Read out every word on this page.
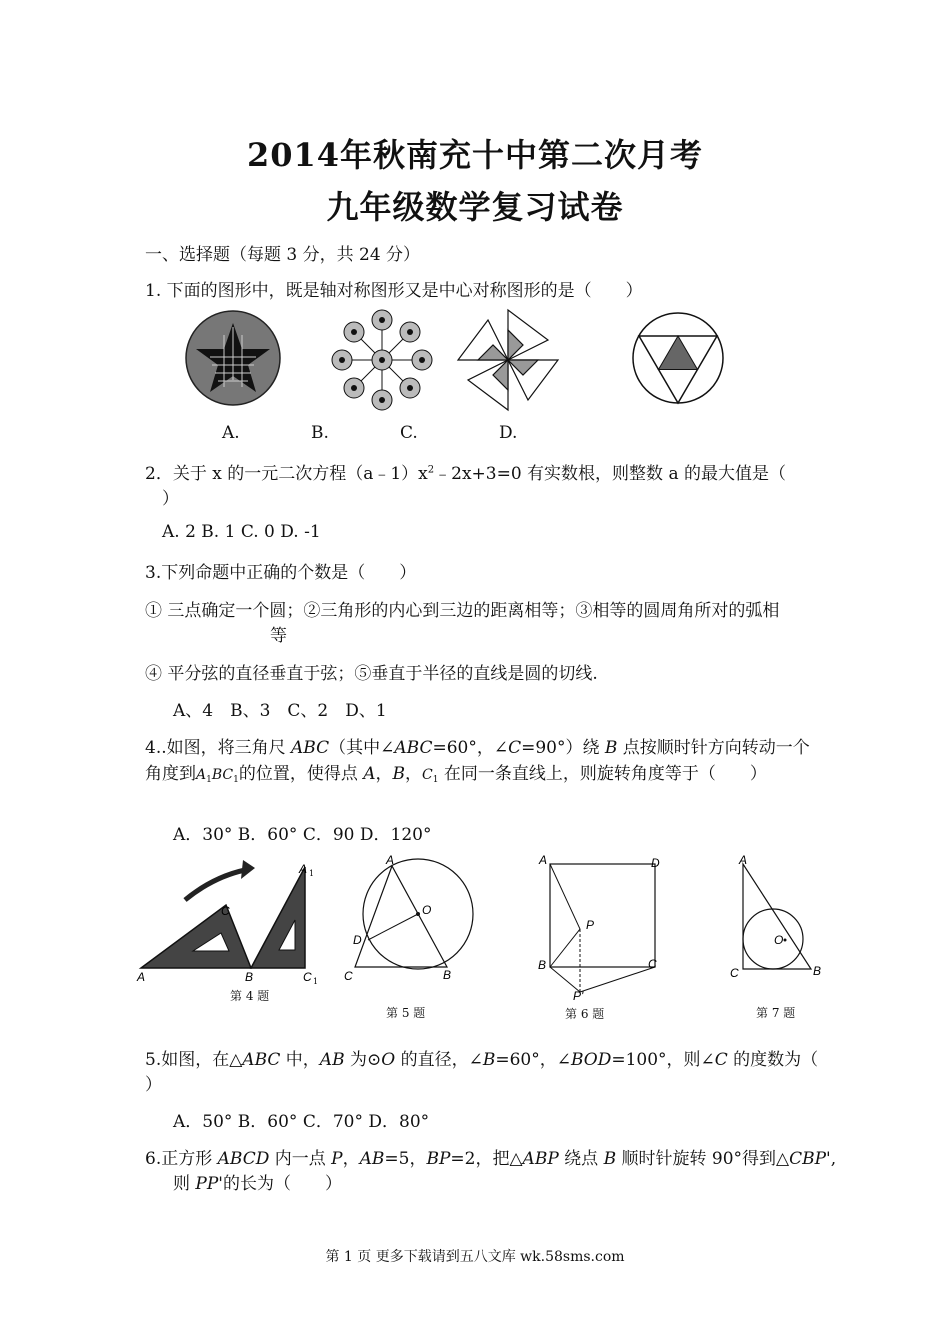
2014年秋南充十中第二次月考
九年级数学复习试卷
一、选择题（每题 3 分，共 24 分）
1. 下面的图形中，既是轴对称图形又是中心对称图形的是（　　）
A.	B.	C.	D.
2．关于 x 的一元二次方程$(a﹣1)x^2﹣2x+3=0$ 有实数根，则整数 a 的最大值是（
）
A. 2 B. 1 C. 0 D. -1
3.下列命题中正确的个数是（　　）
① 三点确定一个圆；②三角形的内心到三边的距离相等；③相等的圆周角所对的弧相
等
④ 平分弦的直径垂直于弦；⑤垂直于半径的直线是圆的切线.
A、4　B、3　C、2　D、1
4..如图，将三角尺 ABC（其中∠ABC=60°，∠C=90°）绕 B 点按顺时针方向转动一个
角度到A1BC1的位置，使得点 A，B，C1 在同一条直线上，则旋转角度等于（　　）
A．30° B．60° C．90 D．120°
A	B
C
C 1
A 1
第 4 题
A
O
D
C	B
第 5 题
A	D
P
B	C
P'
第 6 题
A
O
C	B
第 7 题
5.如图，在△ABC 中，AB 为⊙O 的直径，∠B=60°，∠BOD=100°，则∠C 的度数为（
）
A．50° B．60° C．70° D．80°
6.正方形 ABCD 内一点 P，AB=5，BP=2，把△ABP 绕点 B 顺时针旋转 90°得到△CBP',
则 PP'的长为（　　）
第 1 页 更多下载请到五八文库 wk.58sms.com
